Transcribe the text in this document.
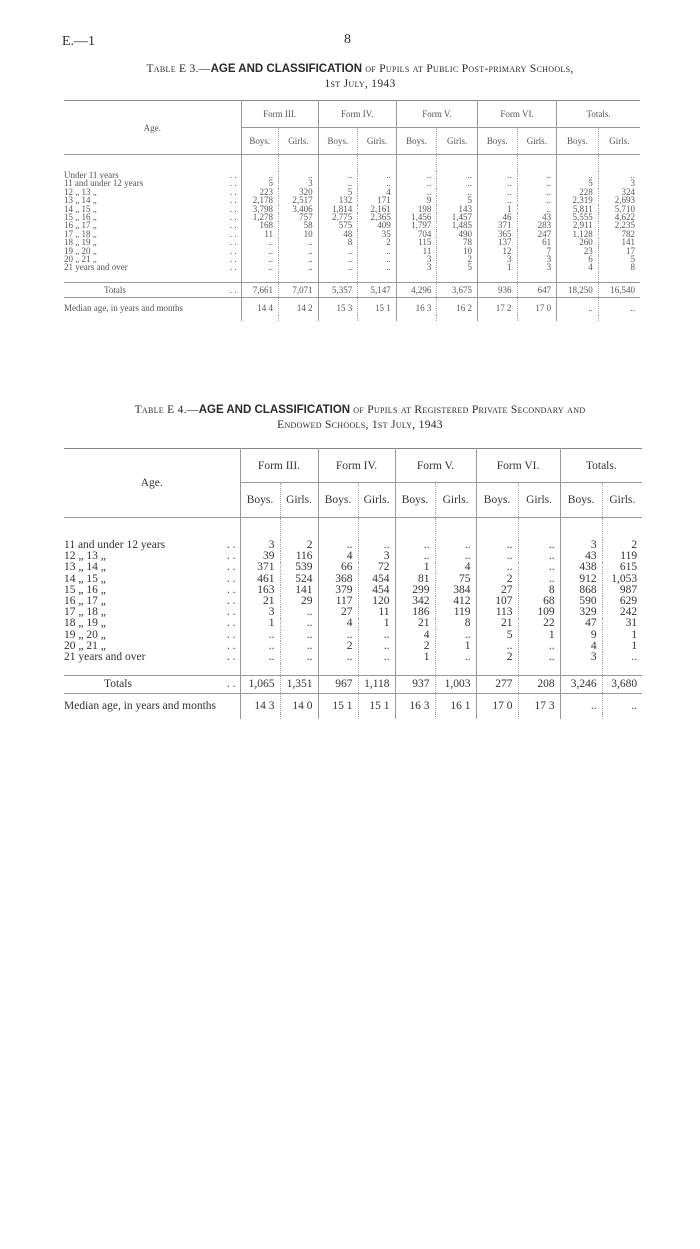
E.—1	8
Table E 3.—AGE AND CLASSIFICATION of Pupils at Public Post-primary Schools,
1st July, 1943
Age.	Form III.		Form IV.		Form V.		Form VI.		Totals.	
	Boys.	Girls.	Boys.	Girls.	Boys.	Girls.	Boys.	Girls.	Boys.	Girls.

Under 11 years . .	..	..	..	..	..	..	..	..	..	..
11 and under 12 years . .	5	3	..	..	..	..	..	..	5	3
12 „ 13 „ . .	223	320	5	4	..	..	..	..	228	324
13 „ 14 „ . .	2,178	2,517	132	171	9	5	..	..	2,319	2,693
14 „ 15 „ . .	3,798	3,406	1,814	2,161	198	143	1	..	5,811	5,710
15 „ 16 „ . .	1,278	757	2,775	2,365	1,456	1,457	46	43	5,555	4,622
16 „ 17 „ . .	168	58	575	409	1,797	1,485	371	283	2,911	2,235
17 „ 18 „ . .	11	10	48	35	704	490	365	247	1,128	782
18 „ 19 „ . .	..	..	8	2	115	78	137	61	260	141
19 „ 20 „ . .	..	..	..	..	11	10	12	7	23	17
20 „ 21 „ . .	..	..	..	..	3	2	3	3	6	5
21 years and over . .	..	..	..	..	3	5	1	3	4	8

Totals . .	7,661	7,071	5,357	5,147	4,296	3,675	936	647	18,250	16,540
Median age, in years and months	14 4	14 2	15 3	15 1	16 3	16 2	17 2	17 0	..	..

Table E 4.—AGE AND CLASSIFICATION of Pupils at Registered Private Secondary and
Endowed Schools, 1st July, 1943
Age.	Form III.		Form IV.		Form V.		Form VI.		Totals.	
	Boys.	Girls.	Boys.	Girls.	Boys.	Girls.	Boys.	Girls.	Boys.	Girls.

11 and under 12 years . .	3	2	..	..	..	..	..	..	3	2
12 „ 13 „ . .	39	116	4	3	..	..	..	..	43	119
13 „ 14 „ . .	371	539	66	72	1	4	..	..	438	615
14 „ 15 „ . .	461	524	368	454	81	75	2	..	912	1,053
15 „ 16 „ . .	163	141	379	454	299	384	27	8	868	987
16 „ 17 „ . .	21	29	117	120	342	412	107	68	590	629
17 „ 18 „ . .	3	..	27	11	186	119	113	109	329	242
18 „ 19 „ . .	1	..	4	1	21	8	21	22	47	31
19 „ 20 „ . .	..	..	..	..	4	..	5	1	9	1
20 „ 21 „ . .	..	..	2	..	2	1	..	..	4	1
21 years and over . .	..	..	..	..	1	..	2	..	3	..

Totals . .	1,065	1,351	967	1,118	937	1,003	277	208	3,246	3,680
Median age, in years and months	14 3	14 0	15 1	15 1	16 3	16 1	17 0	17 3	..	..
